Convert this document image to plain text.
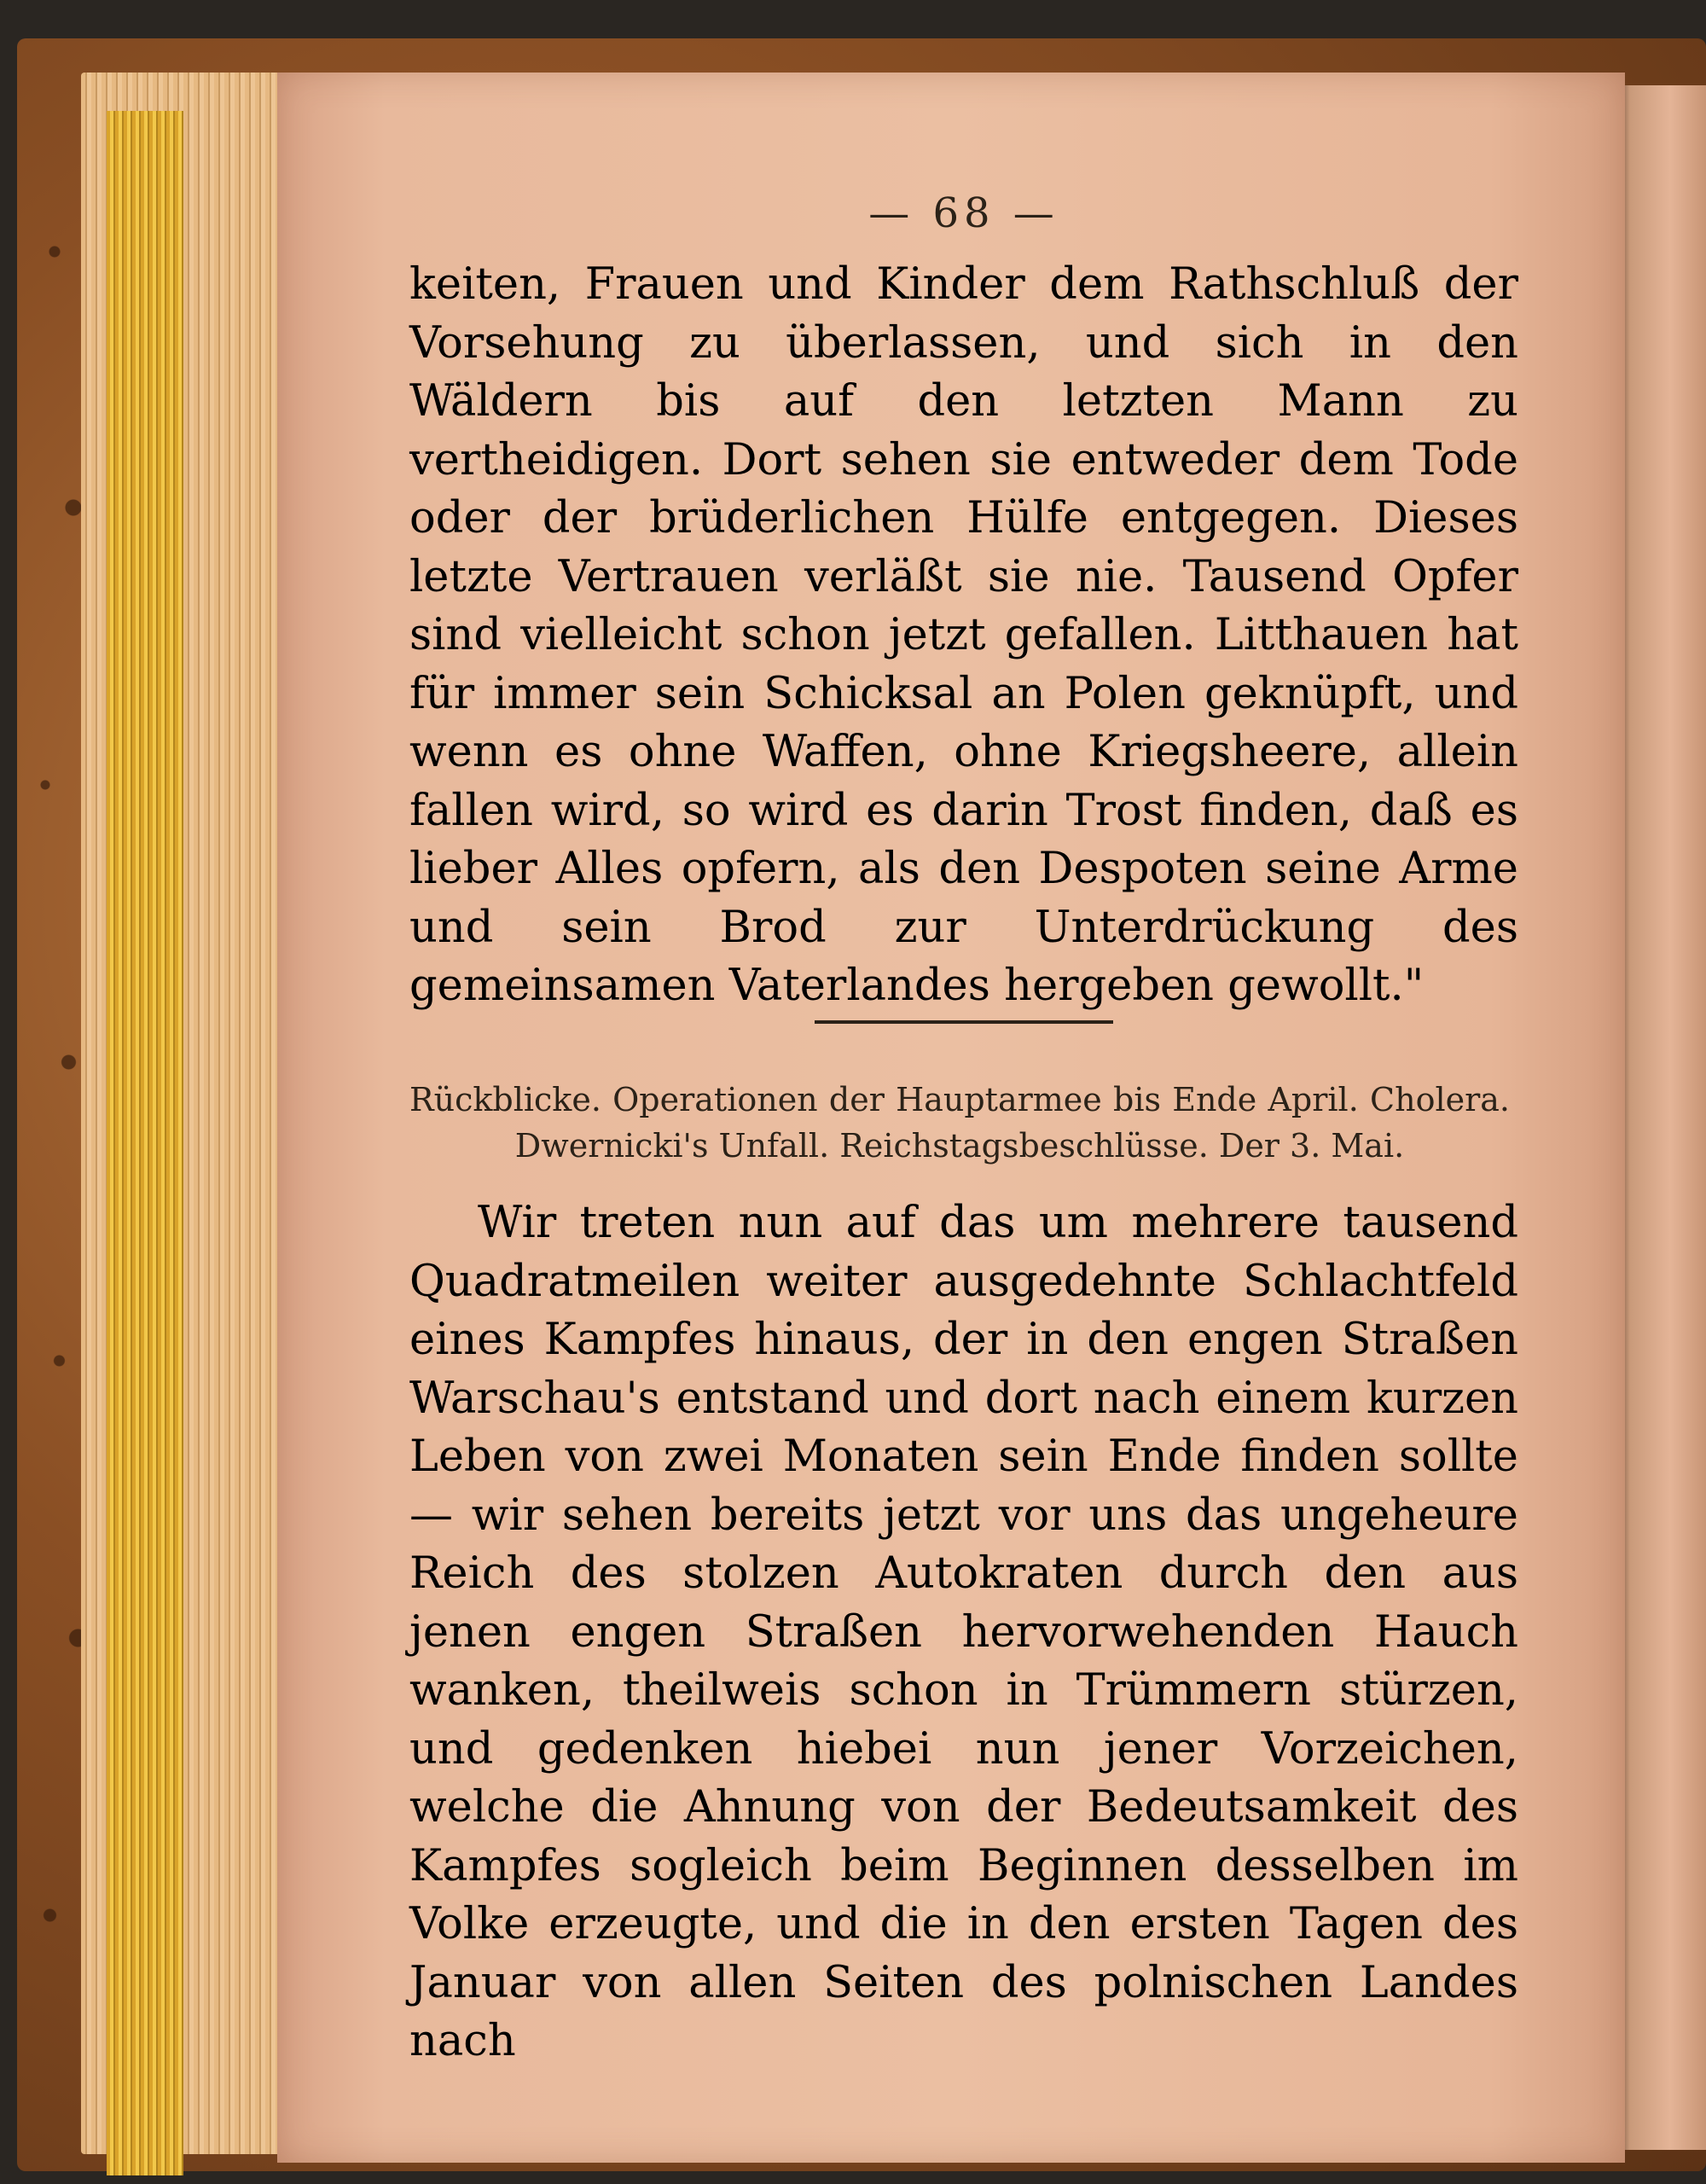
— 68 —

keiten, Frauen und Kinder dem Rathschluß der Vorsehung zu überlassen, und sich in den Wäldern bis auf den letzten Mann zu vertheidigen. Dort sehen sie entweder dem Tode oder der brüderlichen Hülfe entgegen. Dieses letzte Vertrauen verläßt sie nie. Tausend Opfer sind vielleicht schon jetzt gefallen. Litthauen hat für immer sein Schicksal an Polen geknüpft, und wenn es ohne Waffen, ohne Kriegsheere, allein fallen wird, so wird es darin Trost finden, daß es lieber Alles opfern, als den Despoten seine Arme und sein Brod zur Unterdrückung des gemeinsamen Vaterlandes hergeben gewollt."

Rückblicke. Operationen der Hauptarmee bis Ende April. Cholera. Dwernicki's Unfall. Reichstagsbeschlüsse. Der 3. Mai.

Wir treten nun auf das um mehrere tausend Quadratmeilen weiter ausgedehnte Schlachtfeld eines Kampfes hinaus, der in den engen Straßen Warschau's entstand und dort nach einem kurzen Leben von zwei Monaten sein Ende finden sollte — wir sehen bereits jetzt vor uns das ungeheure Reich des stolzen Autokraten durch den aus jenen engen Straßen hervorwehenden Hauch wanken, theilweis schon in Trümmern stürzen, und gedenken hiebei nun jener Vorzeichen, welche die Ahnung von der Bedeutsamkeit des Kampfes sogleich beim Beginnen desselben im Volke erzeugte, und die in den ersten Tagen des Januar von allen Seiten des polnischen Landes nach
